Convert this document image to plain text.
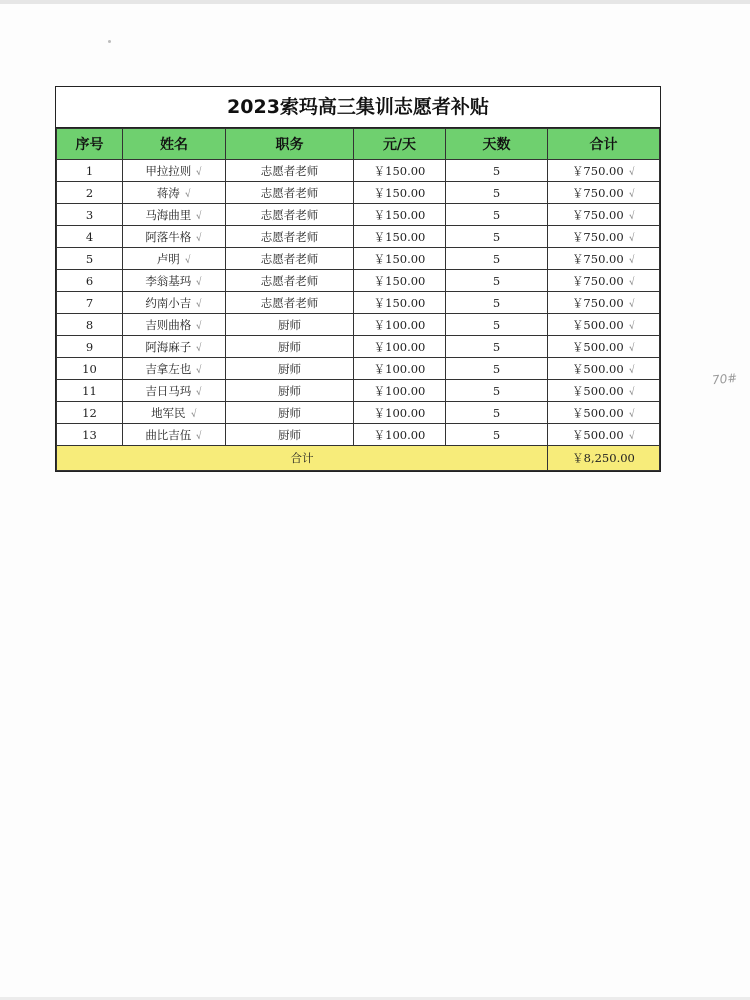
2023索玛高三集训志愿者补贴
序号	姓名	职务	元/天	天数	合计
1	甲拉拉则 √	志愿者老师	￥150.00	5	￥750.00 √
2	蒋涛 √	志愿者老师	￥150.00	5	￥750.00 √
3	马海曲里 √	志愿者老师	￥150.00	5	￥750.00 √
4	阿落牛格 √	志愿者老师	￥150.00	5	￥750.00 √
5	卢明 √	志愿者老师	￥150.00	5	￥750.00 √
6	李翁基玛 √	志愿者老师	￥150.00	5	￥750.00 √
7	约南小吉 √	志愿者老师	￥150.00	5	￥750.00 √
8	吉则曲格 √	厨师	￥100.00	5	￥500.00 √
9	阿海麻子 √	厨师	￥100.00	5	￥500.00 √
10	吉拿左也 √	厨师	￥100.00	5	￥500.00 √
11	吉日马玛 √	厨师	￥100.00	5	￥500.00 √
12	地军民 √	厨师	￥100.00	5	￥500.00 √
13	曲比吉伍 √	厨师	￥100.00	5	￥500.00 √
合计					￥8,250.00
70#
